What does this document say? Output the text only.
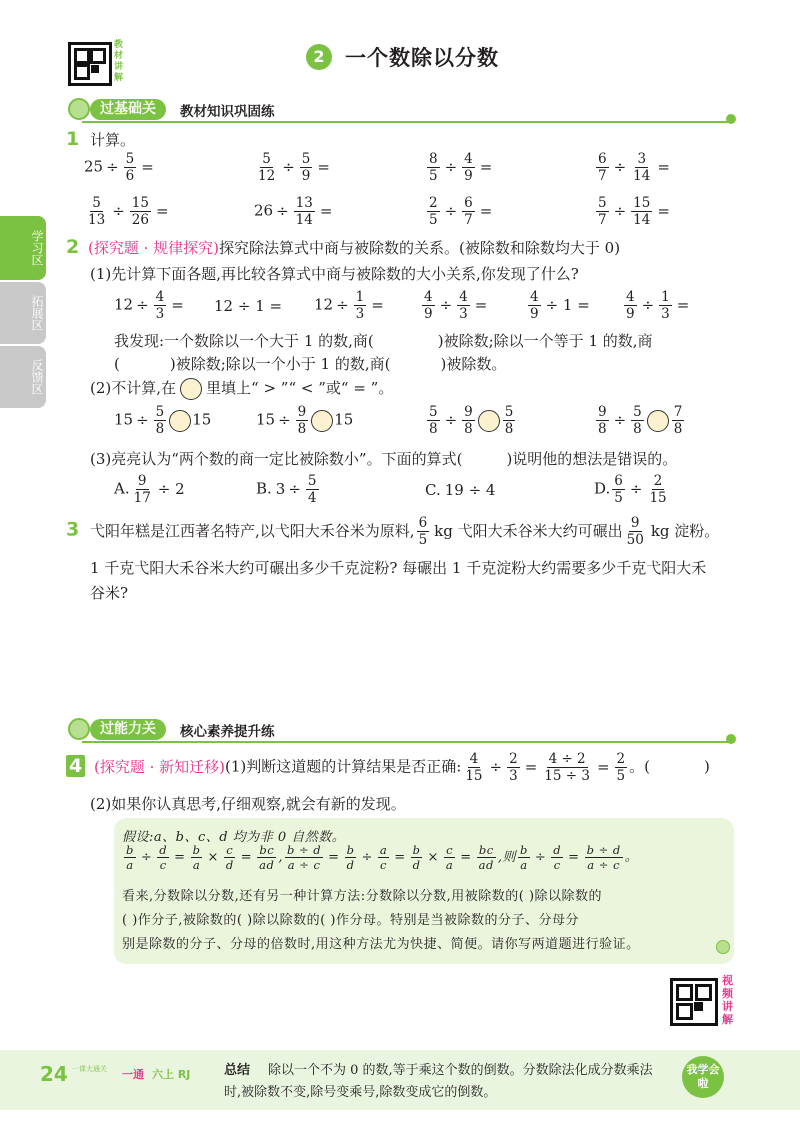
教
材
讲
解
2 一个数除以分数
学习区
拓展区
反馈区
过基础关	教材知识巩固练
1 计算。
$25 \div \frac{5}{6}$ =	$\frac{5}{12} \div \frac{5}{9}$ =	$\frac{8}{5} \div \frac{4}{9}$ =	$\frac{6}{7} \div \frac{3}{14}$ =
$\frac{5}{13} \div \frac{15}{26}$ =	$26 \div \frac{13}{14}$ =	$\frac{2}{5} \div \frac{6}{7}$ =	$\frac{5}{7} \div \frac{15}{14}$ =
2 (探究题 · 规律探究)探究除法算式中商与被除数的关系。(被除数和除数均大于 0)
(1)先计算下面各题,再比较各算式中商与被除数的大小关系,你发现了什么?
$12 \div \frac{4}{3} = 12 \div 1 = 12 \div \frac{1}{3}$ =	$\frac{4}{9} \div \frac{4}{3}$ =	$\frac{4}{9} \div 1$ =	$\frac{4}{9} \div \frac{1}{3}$ =
我发现:一个数除以一个大于 1 的数,商(	)被除数;除以一个等于 1 的数,商
(	)被除数;除以一个小于 1 的数,商(	)被除数。
(2)不计算,在 里填上“ > ”“ < ”或“ = ”。
$15 \div \frac{5}{8} 15$	$15 \div \frac{9}{8} 15$	$\frac{5}{8} \div \frac{9}{8} \frac{5}{8}$	$\frac{9}{8} \div \frac{5}{8} \frac{7}{8}$
(3)亮亮认为“两个数的商一定比被除数小”。下面的算式(	)说明他的想法是错误的。
A. $\frac{9}{17} \div 2$	B. $3 \div \frac{5}{4}$	C. 19 ÷ 4	D. $\frac{6}{5} \div \frac{2}{15}$
3 弋阳年糕是江西著名特产,以弋阳大禾谷米为原料, $\frac{6}{5}$ kg 弋阳大禾谷米大约可碾出 $\frac{9}{50}$ kg 淀粉。
1 千克弋阳大禾谷米大约可碾出多少千克淀粉? 每碾出 1 千克淀粉大约需要多少千克弋阳大禾
谷米?
过能力关	核心素养提升练
4 (探究题 · 新知迁移)(1)判断这道题的计算结果是否正确: $\frac{4}{15} \div \frac{2}{3} = \frac{4 \div 2}{15 \div 3} = \frac{2}{5}$ 。(	)
(2)如果你认真思考,仔细观察,就会有新的发现。
假设:a、b、c、d 均为非 0 自然数。
$\frac{b}{a} \div \frac{d}{c} = \frac{b}{a} \times \frac{c}{d} = \frac{bc}{ad}$ , $\frac{b \div d}{a \div c} = \frac{b}{d} \div \frac{a}{c} = \frac{b}{d} \times \frac{c}{a} = \frac{bc}{ad}$ ,则 $\frac{b}{a} \div \frac{d}{c} = \frac{b \div d}{a \div c}$ 。
看来,分数除以分数,还有另一种计算方法:分数除以分数,用被除数的( )除以除数的
( )作分子,被除数的( )除以除数的( )作分母。特别是当被除数的分子、分母分
别是除数的分子、分母的倍数时,用这种方法尤为快捷、简便。请你写两道题进行验证。
视
频
讲
解
24 一课大通关 一通 六上 RJ	总结 除以一个不为 0 的数,等于乘这个数的倒数。分数除法化成分数乘法
时,被除数不变,除号变乘号,除数变成它的倒数。
我学会啦
